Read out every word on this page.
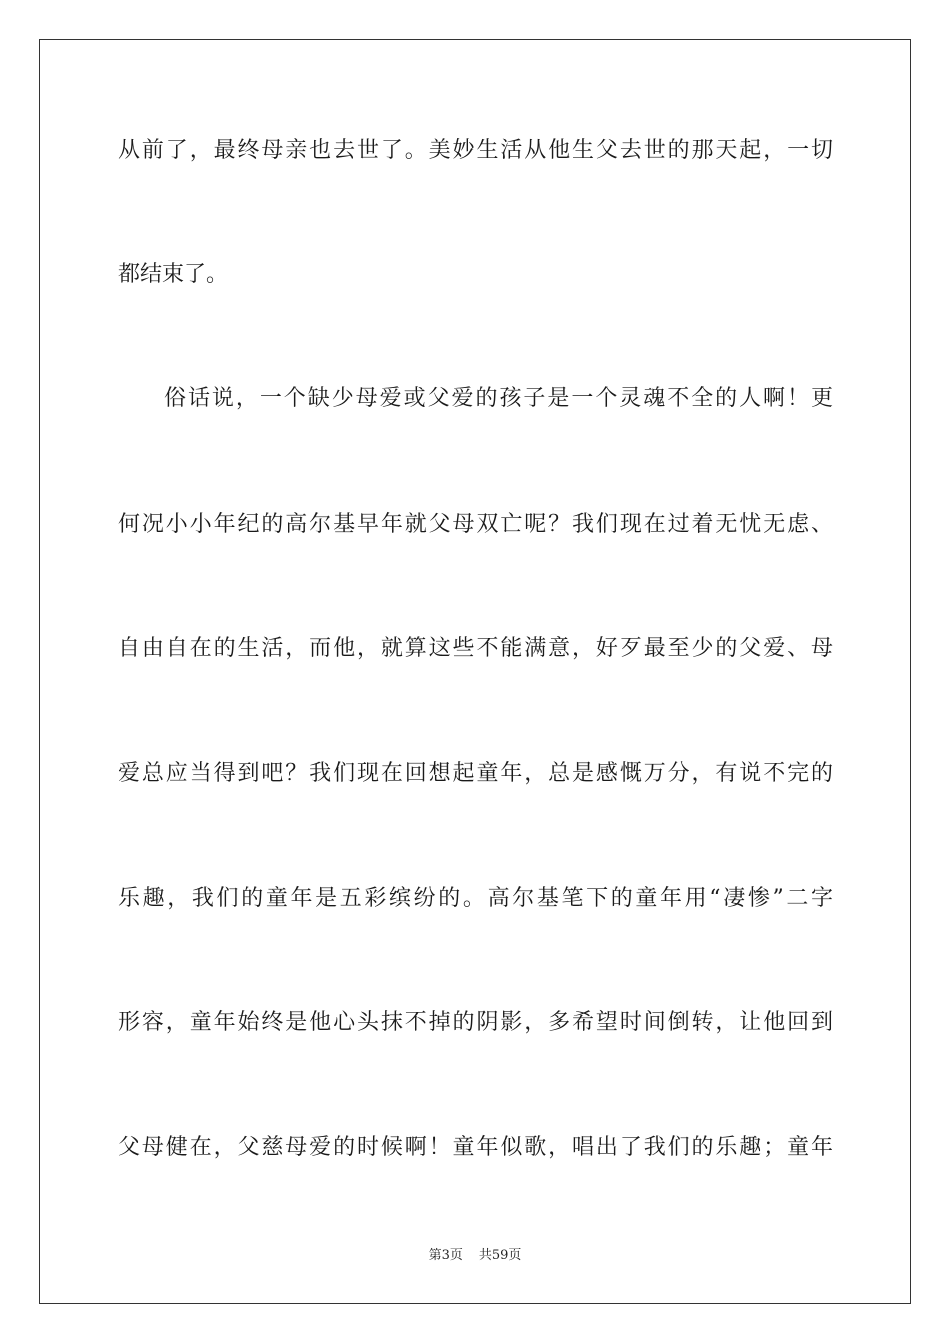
从前了，最终母亲也去世了。美妙生活从他生父去世的那天起，一切
都结束了。
俗话说，一个缺少母爱或父爱的孩子是一个灵魂不全的人啊！更
何况小小年纪的高尔基早年就父母双亡呢？我们现在过着无忧无虑、
自由自在的生活，而他，就算这些不能满意，好歹最至少的父爱、母
爱总应当得到吧？我们现在回想起童年，总是感慨万分，有说不完的
乐趣，我们的童年是五彩缤纷的。高尔基笔下的童年用“凄惨”二字
形容，童年始终是他心头抹不掉的阴影，多希望时间倒转，让他回到
父母健在，父慈母爱的时候啊！童年似歌，唱出了我们的乐趣；童年
第3页 共59页
